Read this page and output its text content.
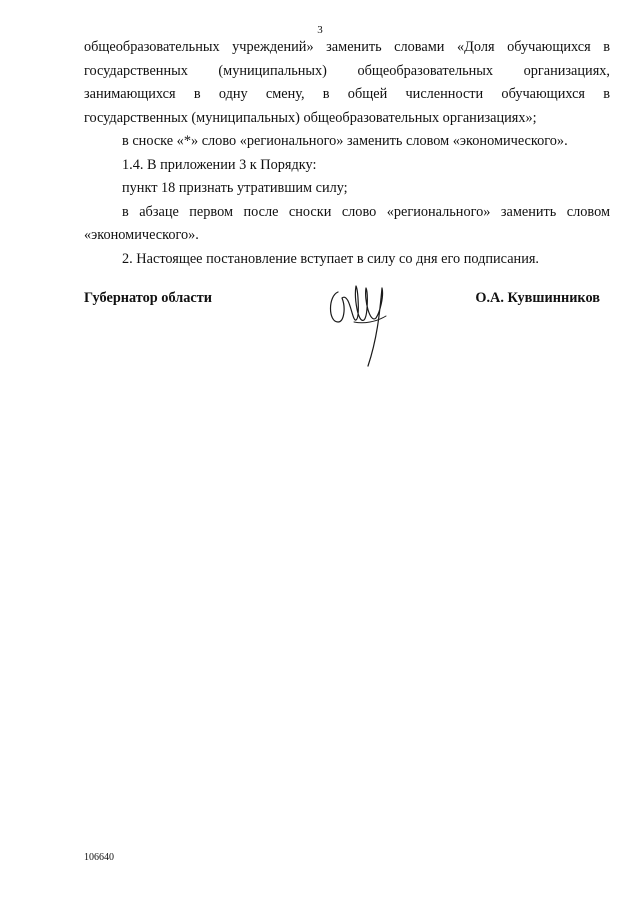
3

общеобразовательных учреждений» заменить словами «Доля обучающихся в

государственных (муниципальных) общеобразовательных организациях,

занимающихся в одну смену, в общей численности обучающихся в

государственных (муниципальных) общеобразовательных организациях»;

в сноске «*» слово «регионального» заменить словом «экономического».

1.4. В приложении 3 к Порядку:

пункт 18 признать утратившим силу;

в абзаце первом после сноски слово «регионального» заменить словом «экономического».

2. Настоящее постановление вступает в силу со дня его подписания.

Губернатор области	О.А. Кувшинников
106640
